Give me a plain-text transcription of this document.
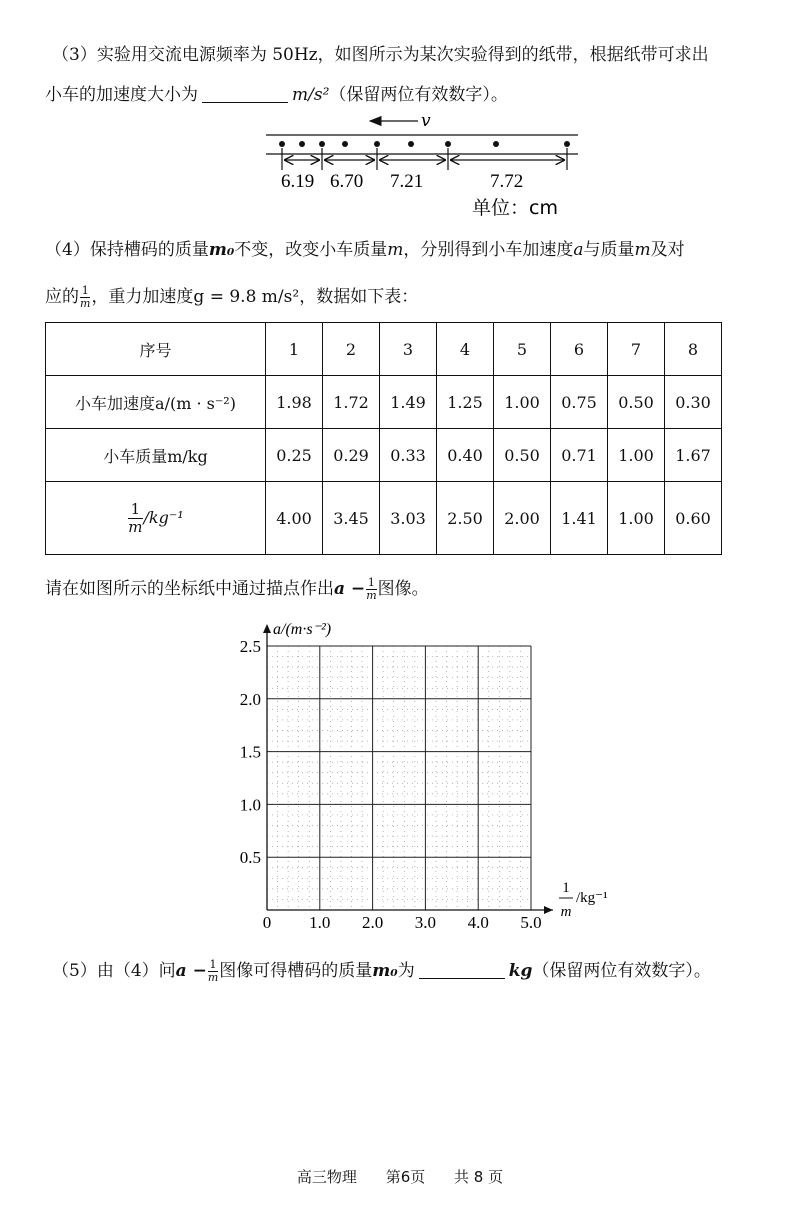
（3）实验用交流电源频率为 50Hz，如图所示为某次实验得到的纸带，根据纸带可求出
小车的加速度大小为	m/s²（保留两位有效数字）。
v
6.19 6.70 7.21	7.72
单位：cm
（4）保持槽码的质量m₀不变，改变小车质量m，分别得到小车加速度a与质量m及对
应的 $\frac{1}{m}$ ，重力加速度g = 9.8 m/s²，数据如下表：
序号	1	2	3	4	5	6	7	8
小车加速度a/(m · s⁻²)	1.98	1.72	1.49	1.25	1.00	0.75	0.50	0.30
小车质量m/kg	0.25	0.29	0.33	0.40	0.50	0.71	1.00	1.67

$\frac{1}{m} /kg^{-1}$	4.00	3.45	3.03	2.50	2.00	1.41	1.00	0.60
请在如图所示的坐标纸中通过描点作出$a - \frac{1}{m}$ 图像。
0 1.0 2.0 3.0 4.0 5.0
0.5
1.0
1.5
2.0
2.5
a/(m·s⁻²)
1
m
/kg⁻¹
（5）由（4）问$a - \frac{1}{m}$ 图像可得槽码的质量m₀为	kg（保留两位有效数字）。
高三物理 第6页 共 8 页
